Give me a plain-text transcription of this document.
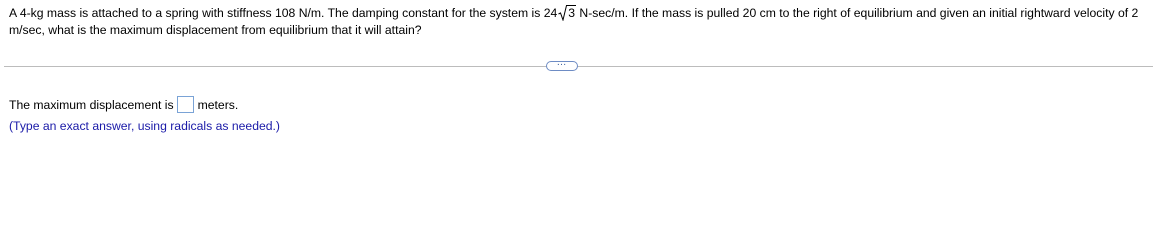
A 4-kg mass is attached to a spring with stiffness 108 N/m. The damping constant for the system is 24 3 N-sec/m. If the mass is pulled 20 cm to the right of equilibrium and given an initial rightward velocity of 2 m/sec, what is the maximum displacement from equilibrium that it will attain?
…
The maximum displacement is meters.
(Type an exact answer, using radicals as needed.)
